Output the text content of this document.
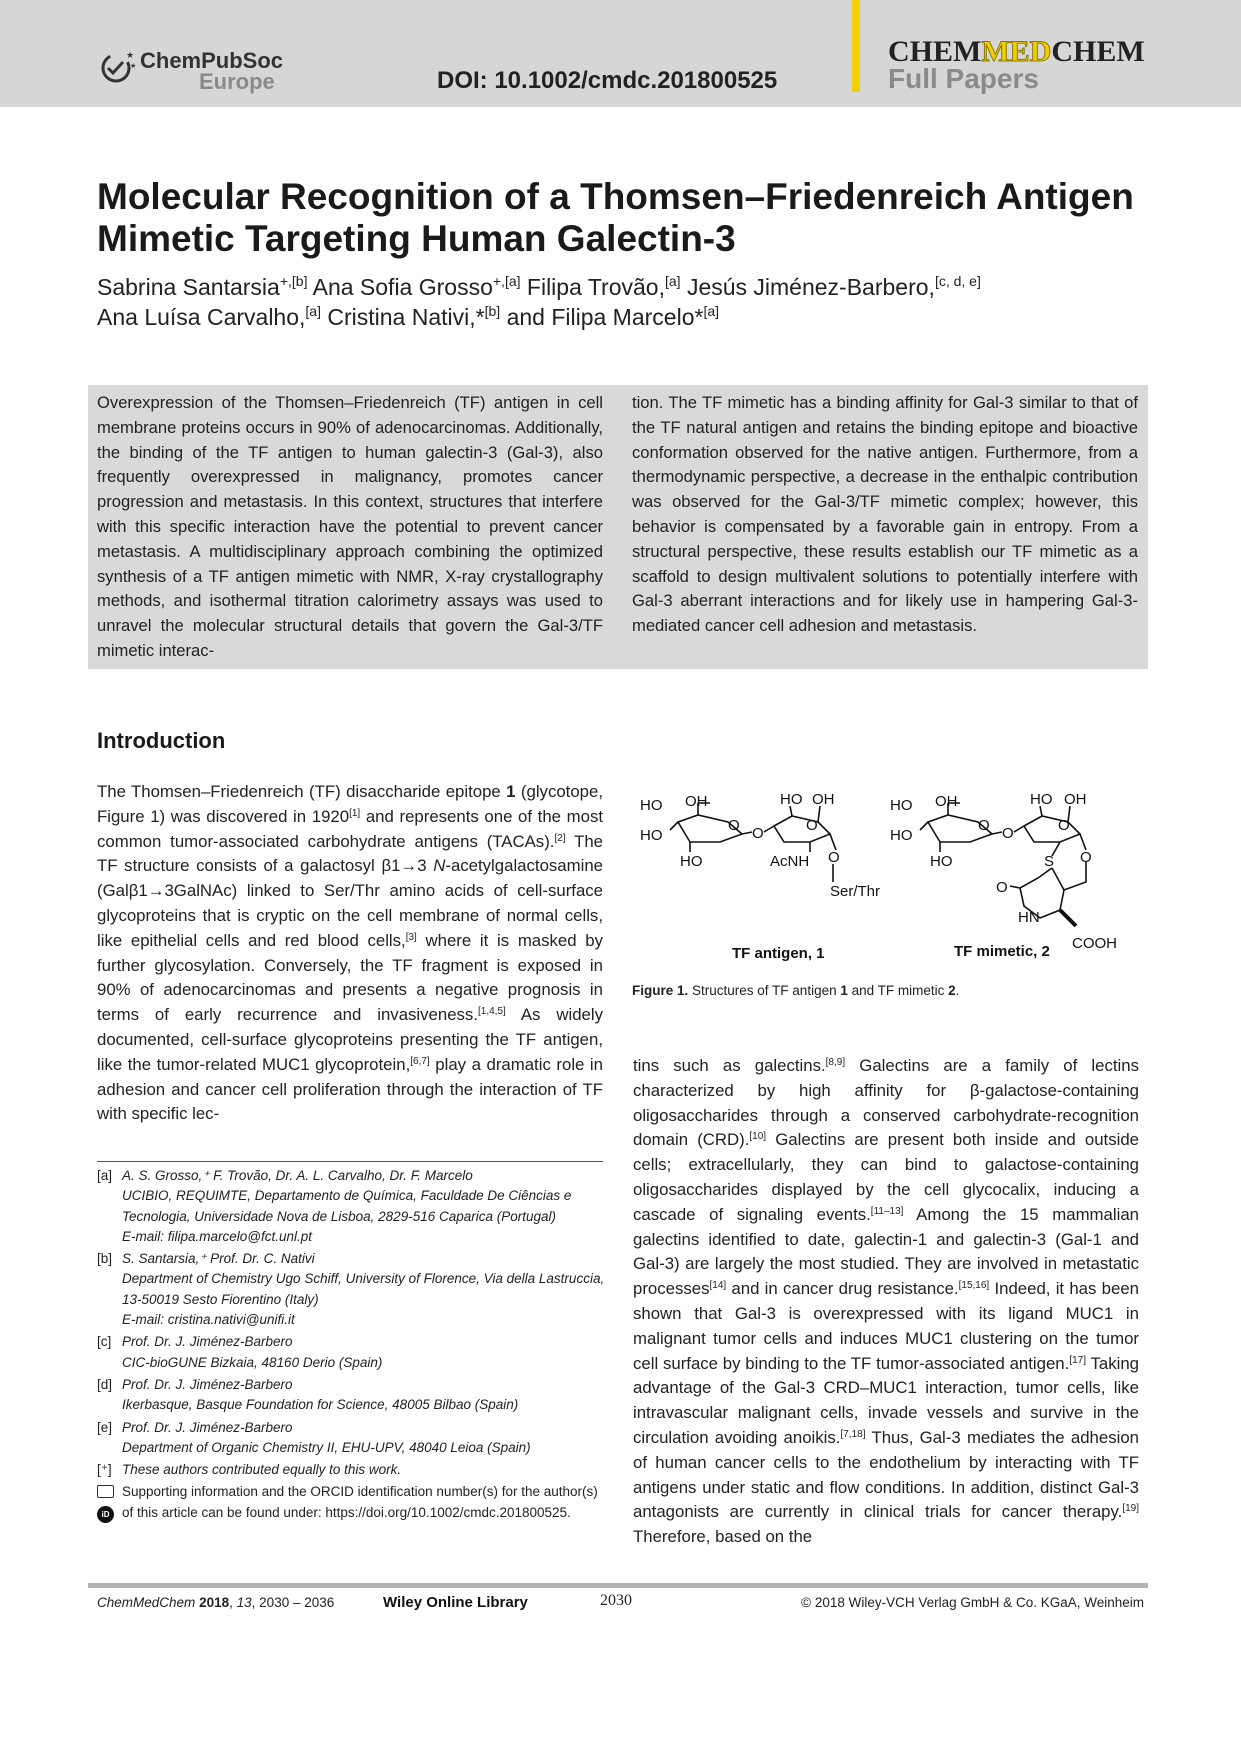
★
★ ChemPubSoc
Europe	DOI: 10.1002/cmdc.201800525
CHEMMEDCHEM
Full Papers
Molecular Recognition of a Thomsen–Friedenreich Antigen
Mimetic Targeting Human Galectin-3
Sabrina Santarsia$^{+,[b]}$ Ana Sofia Grosso$^{+,[a]}$ Filipa Trovão,[a] Jesús Jiménez-Barbero,[c, d, e]
Ana Luísa Carvalho,[a] Cristina Nativi,*[b] and Filipa Marcelo*[a]

Overexpression of the Thomsen–Friedenreich (TF) antigen in cell membrane proteins occurs in 90% of adenocarcinomas. Additionally, the binding of the TF antigen to human galectin-3 (Gal-3), also frequently overexpressed in malignancy, promotes cancer progression and metastasis. In this context, structures that interfere with this specific interaction have the potential to prevent cancer metastasis. A multidisciplinary approach combining the optimized synthesis of a TF antigen mimetic with NMR, X-ray crystallography methods, and isothermal titration calorimetry assays was used to unravel the molecular structural details that govern the Gal-3/TF mimetic interac-

tion. The TF mimetic has a binding affinity for Gal-3 similar to that of the TF natural antigen and retains the binding epitope and bioactive conformation observed for the native antigen. Furthermore, from a thermodynamic perspective, a decrease in the enthalpic contribution was observed for the Gal-3/TF mimetic complex; however, this behavior is compensated by a favorable gain in entropy. From a structural perspective, these results establish our TF mimetic as a scaffold to design multivalent solutions to potentially interfere with Gal-3 aberrant interactions and for likely use in hampering Gal-3-mediated cancer cell adhesion and metastasis.

Introduction

The Thomsen–Friedenreich (TF) disaccharide epitope 1 (glycotope, Figure 1) was discovered in 1920[1] and represents one of the most common tumor-associated carbohydrate antigens (TACAs).[2] The TF structure consists of a galactosyl β1→3 N-acetylgalactosamine (Galβ1→3GalNAc) linked to Ser/Thr amino acids of cell-surface glycoproteins that is cryptic on the cell membrane of normal cells, like epithelial cells and red blood cells,[3] where it is masked by further glycosylation. Conversely, the TF fragment is exposed in 90% of adenocarcinomas and presents a negative prognosis in terms of early recurrence and invasiveness.[1,4,5] As widely documented, cell-surface glycoproteins presenting the TF antigen, like the tumor-related MUC1 glycoprotein,[6,7] play a dramatic role in adhesion and cancer cell proliferation through the interaction of TF with specific lec-

tins such as galectins.[8,9] Galectins are a family of lectins characterized by high affinity for β-galactose-containing oligosaccharides through a conserved carbohydrate-recognition domain (CRD).[10] Galectins are present both inside and outside cells; extracellularly, they can bind to galactose-containing oligosaccharides displayed by the cell glycocalix, inducing a cascade of signaling events.[11–13] Among the 15 mammalian galectins identified to date, galectin-1 and galectin-3 (Gal-1 and Gal-3) are largely the most studied. They are involved in metastatic processes[14] and in cancer drug resistance.[15,16] Indeed, it has been shown that Gal-3 is overexpressed with its ligand MUC1 in malignant tumor cells and induces MUC1 clustering on the tumor cell surface by binding to the TF tumor-associated antigen.[17] Taking advantage of the Gal-3 CRD–MUC1 interaction, tumor cells, like intravascular malignant cells, invade vessels and survive in the circulation avoiding anoikis.[7,18] Thus, Gal-3 mediates the adhesion of human cancer cells to the endothelium by interacting with TF antigens under static and flow conditions. In addition, distinct Gal-3 antagonists are currently in clinical trials for cancer therapy.[19] Therefore, based on the

HO OH
HO
O
HO
O
HO OH
O
AcNH O
Ser/Thr
HO OH
HO
O
HO
O
HO OH
O
S O
O
HN
COOH
TF antigen, 1	TF mimetic, 2
Figure 1. Structures of TF antigen 1 and TF mimetic 2.
[a] A. S. Grosso,⁺ F. Trovão, Dr. A. L. Carvalho, Dr. F. Marcelo
UCIBIO, REQUIMTE, Departamento de Química, Faculdade De Ciências e
Tecnologia, Universidade Nova de Lisboa, 2829-516 Caparica (Portugal)
E-mail: filipa.marcelo@fct.unl.pt
[b] S. Santarsia,⁺ Prof. Dr. C. Nativi
Department of Chemistry Ugo Schiff, University of Florence, Via della Lastruccia, 13-50019 Sesto Fiorentino (Italy)
E-mail: cristina.nativi@unifi.it
[c] Prof. Dr. J. Jiménez-Barbero
CIC-bioGUNE Bizkaia, 48160 Derio (Spain)
[d] Prof. Dr. J. Jiménez-Barbero
Ikerbasque, Basque Foundation for Science, 48005 Bilbao (Spain)
[e] Prof. Dr. J. Jiménez-Barbero
Department of Organic Chemistry II, EHU-UPV, 48040 Leioa (Spain)
[⁺] These authors contributed equally to this work.
iD
Supporting information and the ORCID identification number(s) for the author(s) of this article can be found under: https://doi.org/10.1002/cmdc.201800525.
ChemMedChem 2018, 13, 2030 – 2036	Wiley Online Library	2030	© 2018 Wiley-VCH Verlag GmbH & Co. KGaA, Weinheim
